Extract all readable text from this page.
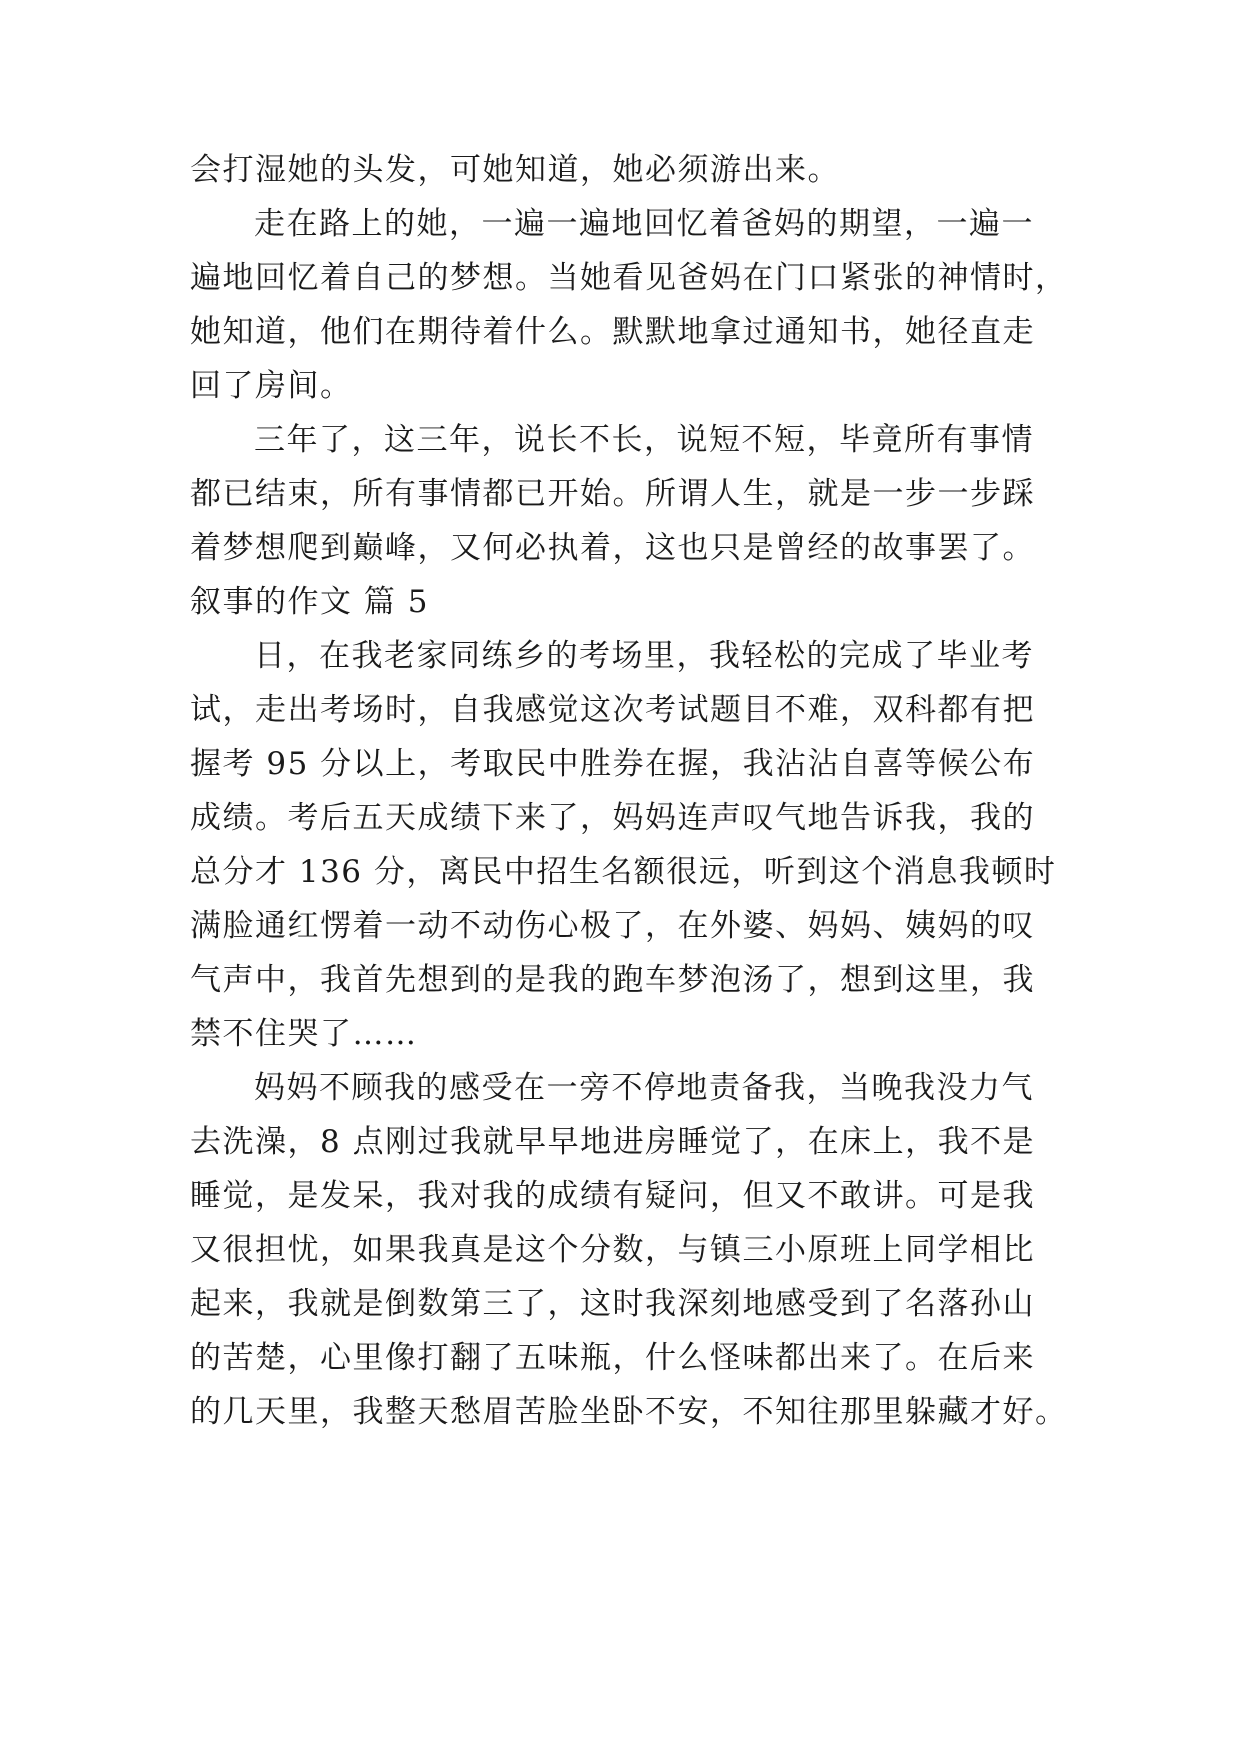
会打湿她的头发，可她知道，她必须游出来。
走在路上的她，一遍一遍地回忆着爸妈的期望，一遍一
遍地回忆着自己的梦想。当她看见爸妈在门口紧张的神情时，
她知道，他们在期待着什么。默默地拿过通知书，她径直走
回了房间。
三年了，这三年，说长不长，说短不短，毕竟所有事情
都已结束，所有事情都已开始。所谓人生，就是一步一步踩
着梦想爬到巅峰，又何必执着，这也只是曾经的故事罢了。
叙事的作文 篇 5
日，在我老家同练乡的考场里，我轻松的完成了毕业考
试，走出考场时，自我感觉这次考试题目不难，双科都有把
握考 95 分以上，考取民中胜券在握，我沾沾自喜等候公布
成绩。考后五天成绩下来了，妈妈连声叹气地告诉我，我的
总分才 136 分，离民中招生名额很远，听到这个消息我顿时
满脸通红愣着一动不动伤心极了，在外婆、妈妈、姨妈的叹
气声中，我首先想到的是我的跑车梦泡汤了，想到这里，我
禁不住哭了……
妈妈不顾我的感受在一旁不停地责备我，当晚我没力气
去洗澡，8 点刚过我就早早地进房睡觉了，在床上，我不是
睡觉，是发呆，我对我的成绩有疑问，但又不敢讲。可是我
又很担忧，如果我真是这个分数，与镇三小原班上同学相比
起来，我就是倒数第三了，这时我深刻地感受到了名落孙山
的苦楚，心里像打翻了五味瓶，什么怪味都出来了。在后来
的几天里，我整天愁眉苦脸坐卧不安，不知往那里躲藏才好。
